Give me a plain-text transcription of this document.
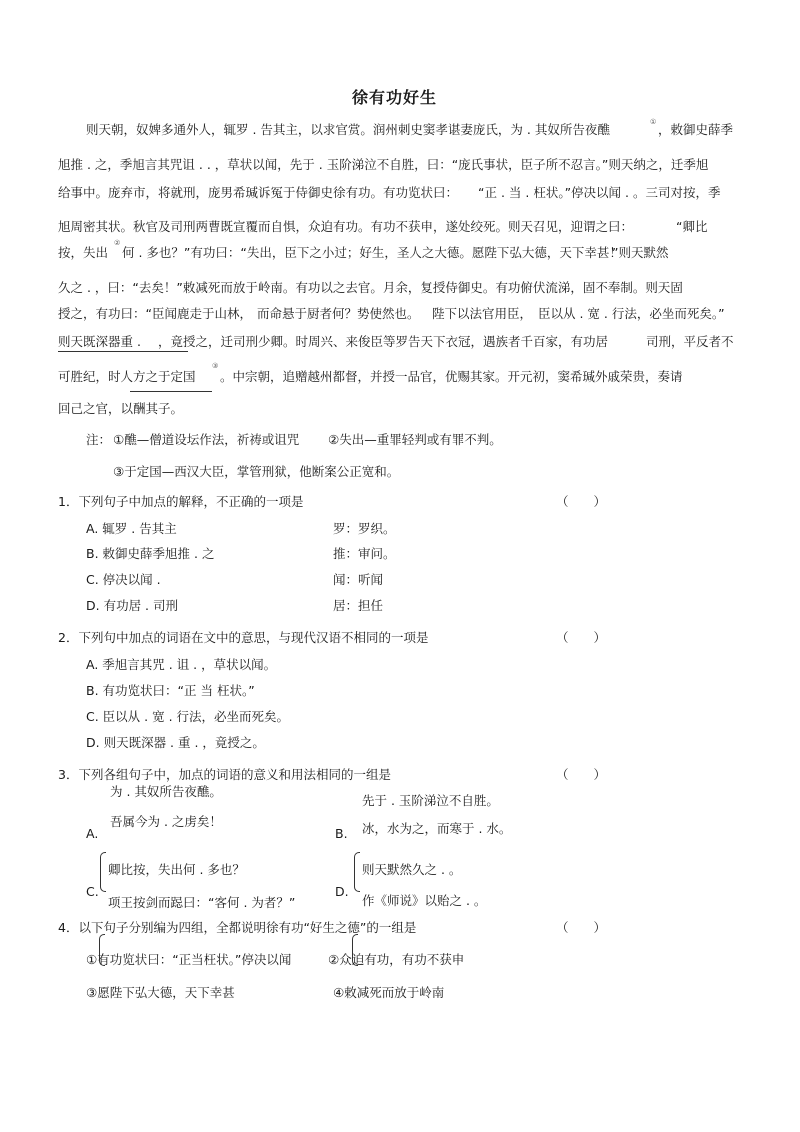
徐有功好生
则天朝，奴婢多通外人，辄罗 . 告其主，以求官赏。润州刺史窦孝谌妻庞氏，为 . 其奴所告夜醮	① ，敕御史薛季
旭推 . 之，季旭言其咒诅 . . ，草状以闻，先于 . 玉阶涕泣不自胜，曰：“庞氏事状，臣子所不忍言。”则天纳之，迁季旭
给事中。庞弃市，将就刑，庞男希瑊诉冤于侍御史徐有功。有功览状曰： “正 . 当 . 枉状。”停决以闻 . 。三司对按，季
旭周密其状。秋官及司刑两曹既宣覆而自惧，众迫有功。有功不获申，遂处绞死。则天召见，迎谓之曰：	“卿比
按，失出
②
何 . 多也？”有功曰：“失出，臣下之小过；好生，圣人之大德。愿陛下弘大德，天下幸甚！
”则天默然
久之 . ，曰：“去矣！”敕减死而放于岭南。有功以之去官。月余，复授侍御史。有功俯伏流涕，固不奉制。则天固
授之，有功曰：“臣闻鹿走于山林， 而命悬于厨者何？势使然也。 陛下以法官用臣， 臣以从 . 宽 . 行法，必坐而死矣。”
则天既深器重 . ，竟授之，迁司刑少卿。时周兴、来俊臣等罗告天下衣冠，遇族者千百家，有功居	司刑，平反者不
可胜纪，时人方之于定国
③
。中宗朝，追赠越州都督，并授一品官，优赐其家。开元初，窦希瑊外戚荣贵，奏请
回己之官，以酬其子。
注： ①醮—僧道设坛作法，祈祷或诅咒 ②失出—重罪轻判或有罪不判。
③于定国—西汉大臣，掌管刑狱，他断案公正宽和。
1．下列句子中加点的解释，不正确的一项是	（　　）
A. 辄罗 . 告其主	罗：罗织。
B. 敕御史薛季旭推 . 之	推：审问。
C. 停决以闻 .	闻：听闻
D. 有功居 . 司刑	居：担任
2．下列句中加点的词语在文中的意思，与现代汉语不相同的一项是	（　　）
A. 季旭言其咒 . 诅 . ，草状以闻。
B. 有功览状曰：“正 当 枉状。”
C. 臣以从 . 宽 . 行法，必坐而死矣。
D. 则天既深器 . 重 . ，竟授之。
3．下列各组句子中，加点的词语的意义和用法相同的一组是	（　　）
为 . 其奴所告夜醮。
吾属今为 . 之虏矣！
A.
先于 . 玉阶涕泣不自胜。
冰，水为之，而寒于 . 水。
B.
卿比按，失出何 . 多也？
项王按剑而跽曰：“客何 . 为者？”
C.
则天默然久之 . 。
作《师说》以贻之 . 。
D.
4．以下句子分别编为四组，全都说明徐有功“好生之德”的一组是	（　　）
①有功览状曰：“正当枉状。”停决以闻	②众迫有功，有功不获申
③愿陛下弘大德，天下幸甚	④敕减死而放于岭南
